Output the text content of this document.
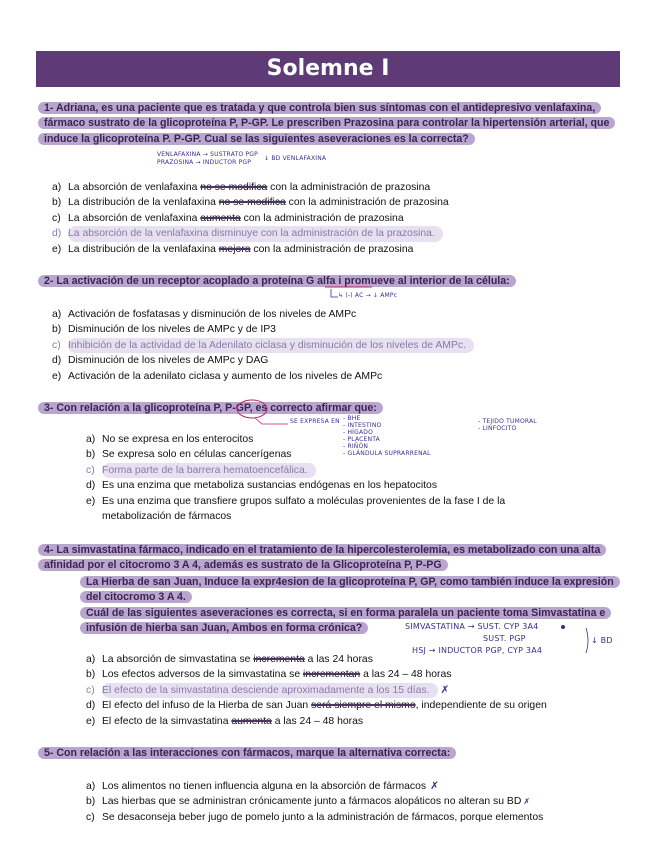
Solemne I
1- Adriana, es una paciente que es tratada y que controla bien sus síntomas con el antidepresivo venlafaxina, fármaco sustrato de la glicoproteína P, P-GP. Le prescriben Prazosina para controlar la hipertensión arterial, que induce la glicoproteína P. P-GP. Cual se las siguientes aseveraciones es la correcta?
VENLAFAXINA → SUSTRATO PGP
PRAZOSINA → INDUCTOR PGP
↓ BD VENLAFAXINA
a) La absorción de venlafaxina no se modifica con la administración de prazosina
b) La distribución de la venlafaxina no se modifica con la administración de prazosina
c) La absorción de venlafaxina aumenta con la administración de prazosina
d) La absorción de la venlafaxina disminuye con la administración de la prazosina.
e) La distribución de la venlafaxina mejora con la administración de prazosina
2- La activación de un receptor acoplado a proteína G alfa i promueve al interior de la célula:
↳ (-) AC → ↓ AMPc
a) Activación de fosfatasas y disminución de los niveles de AMPc
b) Disminución de los niveles de AMPc y de IP3
c) Inhibición de la actividad de la Adenilato ciclasa y disminución de los niveles de AMPc.
d) Disminución de los niveles de AMPc y DAG
e) Activación de la adenilato ciclasa y aumento de los niveles de AMPc
3- Con relación a la glicoproteína P, P-GP, es correcto afirmar que:
SE EXPRESA EN - BHE
- INTESTINO
- HÍGADO
- PLACENTA
- RIÑÓN
- GLÁNDULA SUPRARRENAL
- TEJIDO TUMORAL
- LINFOCITO
a) No se expresa en los enterocitos
b) Se expresa solo en células cancerígenas
c) Forma parte de la barrera hematoencefálica.
d) Es una enzima que metaboliza sustancias endógenas en los hepatocitos
e) Es una enzima que transfiere grupos sulfato a moléculas provenientes de la fase I de la metabolización de fármacos
4- La simvastatina fármaco, indicado en el tratamiento de la hipercolesterolemia, es metabolizado con una alta afinidad por el citocromo 3 A 4, además es sustrato de la Glicoproteína P, P-PG
La Hierba de san Juan, Induce la expr4esion de la glicoproteína P, GP, como también induce la expresión del citocromo 3 A 4.
Cuál de las siguientes aseveraciones es correcta, si en forma paralela un paciente toma Simvastatina e infusión de hierba san Juan, Ambos en forma crónica?	SIMVASTATINA → SUST. CYP 3A4
SUST. PGP
HSJ → INDUCTOR PGP, CYP 3A4
↓ BD
a) La absorción de simvastatina se incrementa a las 24 horas
b) Los efectos adversos de la simvastatina se incrementan a las 24 – 48 horas
c) El efecto de la simvastatina desciende aproximadamente a los 15 días.	✗
d) El efecto del infuso de la Hierba de san Juan será siempre el mismo, independiente de su origen
e) El efecto de la simvastatina aumenta a las 24 – 48 horas
5- Con relación a las interacciones con fármacos, marque la alternativa correcta:
a) Los alimentos no tienen influencia alguna en la absorción de fármacos ✗
b) Las hierbas que se administran crónicamente junto a fármacos alopáticos no alteran su BD ✗
c) Se desaconseja beber jugo de pomelo junto a la administración de fármacos, porque elementos
